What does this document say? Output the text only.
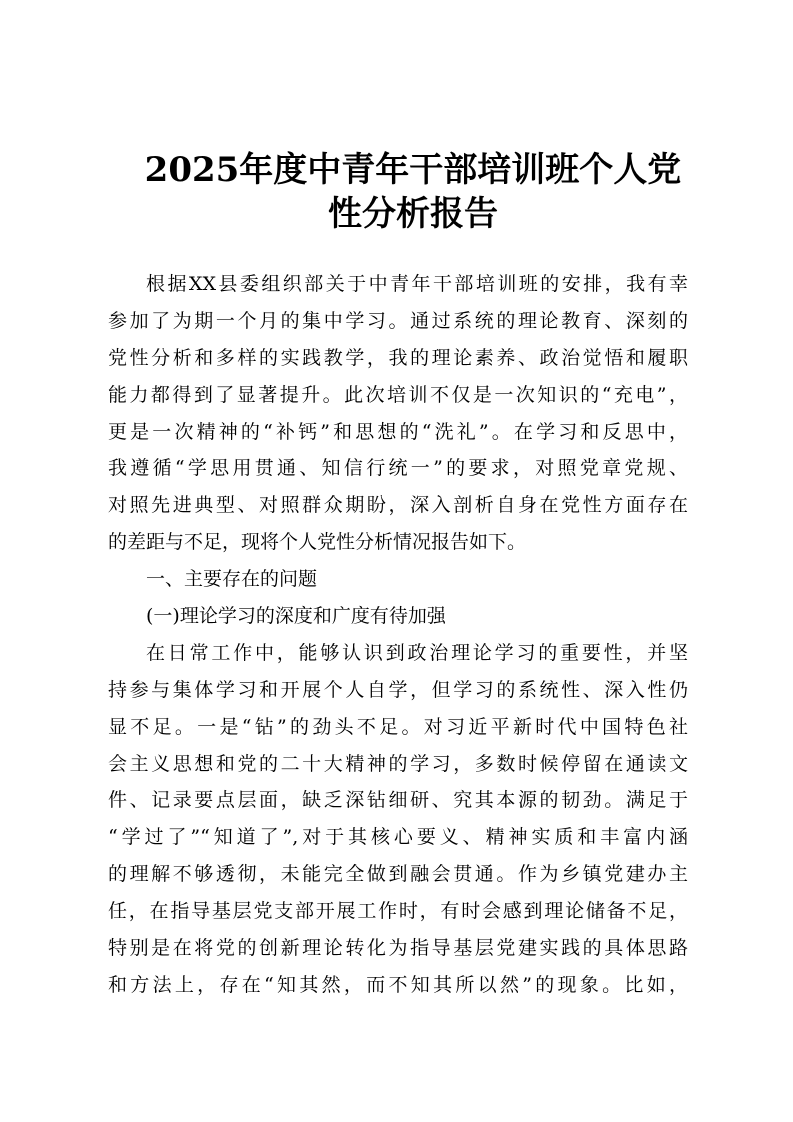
2025年度中青年干部培训班个人党
性分析报告
根据XX县委组织部关于中青年干部培训班的安排，我有幸
参加了为期一个月的集中学习。通过系统的理论教育、深刻的
党性分析和多样的实践教学，我的理论素养、政治觉悟和履职
能力都得到了显著提升。此次培训不仅是一次知识的“充电”，
更是一次精神的“补钙”和思想的“洗礼”。在学习和反思中，
我遵循“学思用贯通、知信行统一”的要求，对照党章党规、
对照先进典型、对照群众期盼，深入剖析自身在党性方面存在
的差距与不足，现将个人党性分析情况报告如下。
一、主要存在的问题
(一)理论学习的深度和广度有待加强
在日常工作中，能够认识到政治理论学习的重要性，并坚
持参与集体学习和开展个人自学，但学习的系统性、深入性仍
显不足。一是“钻”的劲头不足。对习近平新时代中国特色社
会主义思想和党的二十大精神的学习，多数时候停留在通读文
件、记录要点层面，缺乏深钻细研、究其本源的韧劲。满足于
“学过了”“知道了”,对于其核心要义、精神实质和丰富内涵
的理解不够透彻，未能完全做到融会贯通。作为乡镇党建办主
任，在指导基层党支部开展工作时，有时会感到理论储备不足，
特别是在将党的创新理论转化为指导基层党建实践的具体思路
和方法上，存在“知其然，而不知其所以然”的现象。比如，
